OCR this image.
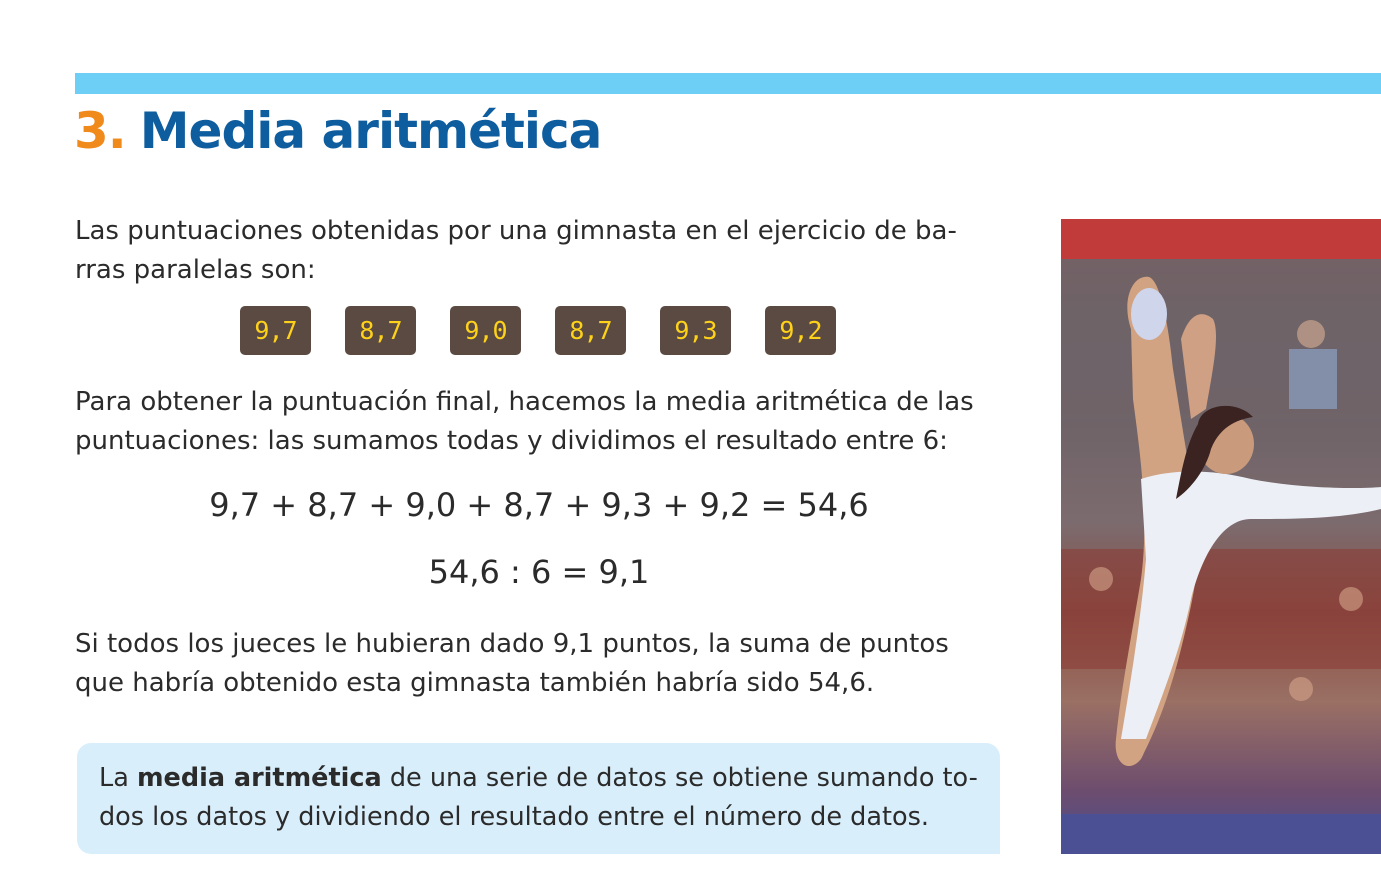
3. Media aritmética
Las puntuaciones obtenidas por una gimnasta en el ejercicio de ba-
rras paralelas son:
9,7	8,7	9,0	8,7	9,3	9,2
Para obtener la puntuación final, hacemos la media aritmética de las
puntuaciones: las sumamos todas y dividimos el resultado entre 6:
9,7 + 8,7 + 9,0 + 8,7 + 9,3 + 9,2 = 54,6
54,6 : 6 = 9,1
Si todos los jueces le hubieran dado 9,1 puntos, la suma de puntos
que habría obtenido esta gimnasta también habría sido 54,6.
La media aritmética de una serie de datos se obtiene sumando to-
dos los datos y dividiendo el resultado entre el número de datos.
